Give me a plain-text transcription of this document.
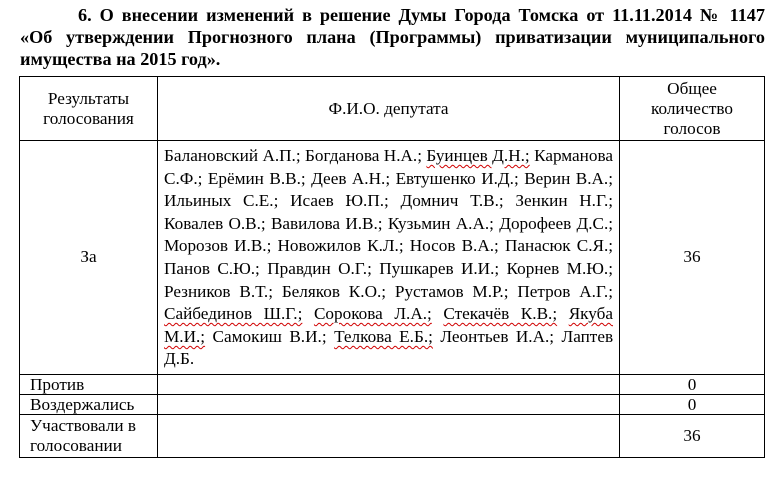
6. О внесении изменений в решение Думы Города Томска от 11.11.2014 № 1147
«Об утверждении Прогнозного плана (Программы) приватизации муниципального
имущества на 2015 год».
Результаты голосования	Ф.И.О. депутата	Общее количество голосов
За	Балановский А.П.; Богданова Н.А.; Буинцев Д.Н.; Карманова С.Ф.; Ерёмин В.В.; Деев А.Н.; Евтушенко И.Д.; Верин В.А.; Ильиных С.Е.; Исаев Ю.П.; Домнич Т.В.; Зенкин Н.Г.; Ковалев О.В.; Вавилова И.В.; Кузьмин А.А.; Дорофеев Д.С.; Морозов И.В.; Новожилов К.Л.; Носов В.А.; Панасюк С.Я.; Панов С.Ю.; Правдин О.Г.; Пушкарев И.И.; Корнев М.Ю.; Резников В.Т.; Беляков К.О.; Рустамов М.Р.; Петров А.Г.; Сайбединов Ш.Г.; Сорокова Л.А.; Стекачёв К.В.; Якуба М.И.; Самокиш В.И.; Телкова Е.Б.; Леонтьев И.А.; Лаптев Д.Б.	36
Против		0
Воздержались		0
Участвовали в голосовании		36
